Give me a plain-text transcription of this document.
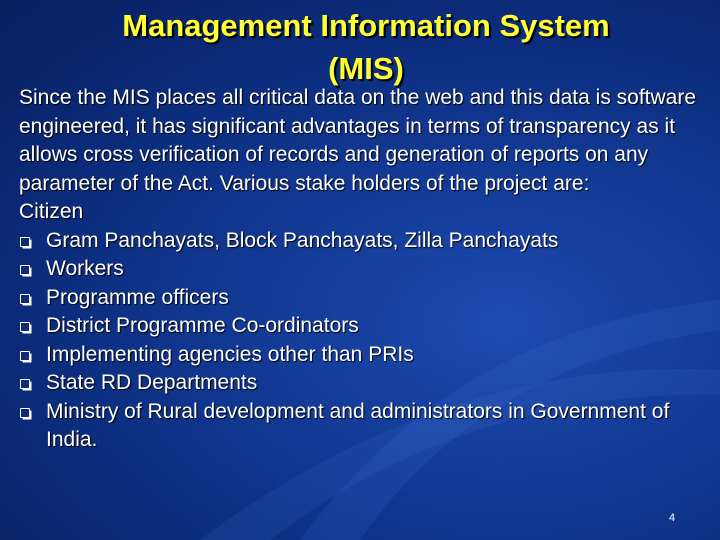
Management Information System
(MIS)

Since the MIS places all critical data on the web and this data is software engineered, it has significant advantages in terms of transparency as it allows cross verification of records and generation of reports on any parameter of the Act. Various stake holders of the project are:

Citizen

Gram Panchayats, Block Panchayats, Zilla Panchayats
Workers
Programme officers
District Programme Co-ordinators
Implementing agencies other than PRIs
State RD Departments
Ministry of Rural development and administrators in Government of India.
4
